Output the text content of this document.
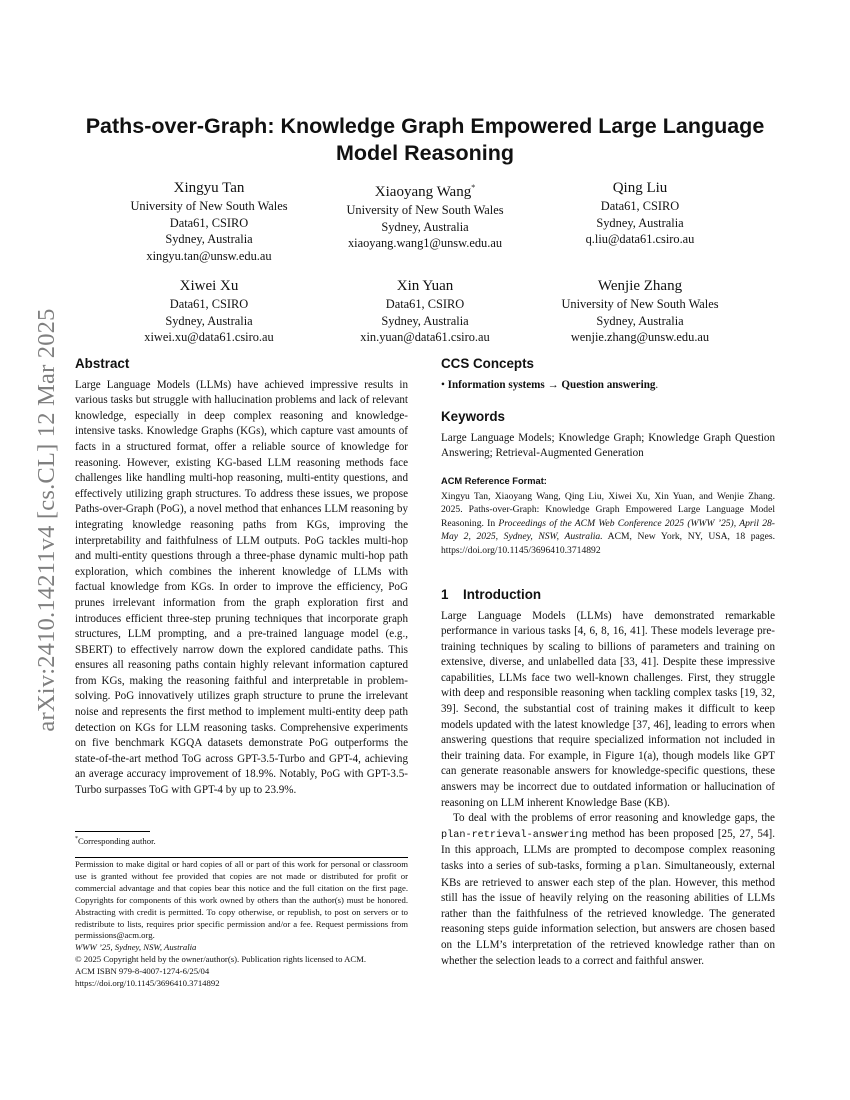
arXiv:2410.14211v4 [cs.CL] 12 Mar 2025
Paths-over-Graph: Knowledge Graph Empowered Large Language Model Reasoning
Xingyu Tan
University of New South Wales
Data61, CSIRO
Sydney, Australia
xingyu.tan@unsw.edu.au
Xiaoyang Wang*
University of New South Wales
Sydney, Australia
xiaoyang.wang1@unsw.edu.au
Qing Liu
Data61, CSIRO
Sydney, Australia
q.liu@data61.csiro.au
Xiwei Xu
Data61, CSIRO
Sydney, Australia
xiwei.xu@data61.csiro.au
Xin Yuan
Data61, CSIRO
Sydney, Australia
xin.yuan@data61.csiro.au
Wenjie Zhang
University of New South Wales
Sydney, Australia
wenjie.zhang@unsw.edu.au
Abstract

Large Language Models (LLMs) have achieved impressive results in various tasks but struggle with hallucination problems and lack of relevant knowledge, especially in deep complex reasoning and knowledge-intensive tasks. Knowledge Graphs (KGs), which capture vast amounts of facts in a structured format, offer a reliable source of knowledge for reasoning. However, existing KG-based LLM reasoning methods face challenges like handling multi-hop reasoning, multi-entity questions, and effectively utilizing graph structures. To address these issues, we propose Paths-over-Graph (PoG), a novel method that enhances LLM reasoning by integrating knowledge reasoning paths from KGs, improving the interpretability and faithfulness of LLM outputs. PoG tackles multi-hop and multi-entity questions through a three-phase dynamic multi-hop path exploration, which combines the inherent knowledge of LLMs with factual knowledge from KGs. In order to improve the efficiency, PoG prunes irrelevant information from the graph exploration first and introduces efficient three-step pruning techniques that incorporate graph structures, LLM prompting, and a pre-trained language model (e.g., SBERT) to effectively narrow down the explored candidate paths. This ensures all reasoning paths contain highly relevant information captured from KGs, making the reasoning faithful and interpretable in problem-solving. PoG innovatively utilizes graph structure to prune the irrelevant noise and represents the first method to implement multi-entity deep path detection on KGs for LLM reasoning tasks. Comprehensive experiments on five benchmark KGQA datasets demonstrate PoG outperforms the state-of-the-art method ToG across GPT-3.5-Turbo and GPT-4, achieving an average accuracy improvement of 18.9%. Notably, PoG with GPT-3.5-Turbo surpasses ToG with GPT-4 by up to 23.9%.

*Corresponding author.

Permission to make digital or hard copies of all or part of this work for personal or classroom use is granted without fee provided that copies are not made or distributed for profit or commercial advantage and that copies bear this notice and the full citation on the first page. Copyrights for components of this work owned by others than the author(s) must be honored. Abstracting with credit is permitted. To copy otherwise, or republish, to post on servers or to redistribute to lists, requires prior specific permission and/or a fee. Request permissions from permissions@acm.org.

WWW ’25, Sydney, NSW, Australia

© 2025 Copyright held by the owner/author(s). Publication rights licensed to ACM.

ACM ISBN 979-8-4007-1274-6/25/04

https://doi.org/10.1145/3696410.3714892

CCS Concepts

• Information systems → Question answering.

Keywords

Large Language Models; Knowledge Graph; Knowledge Graph Question Answering; Retrieval-Augmented Generation

ACM Reference Format:

Xingyu Tan, Xiaoyang Wang, Qing Liu, Xiwei Xu, Xin Yuan, and Wenjie Zhang. 2025. Paths-over-Graph: Knowledge Graph Empowered Large Language Model Reasoning. In Proceedings of the ACM Web Conference 2025 (WWW ’25), April 28-May 2, 2025, Sydney, NSW, Australia. ACM, New York, NY, USA, 18 pages. https://doi.org/10.1145/3696410.3714892

1 Introduction

Large Language Models (LLMs) have demonstrated remarkable performance in various tasks [4, 6, 8, 16, 41]. These models leverage pre-training techniques by scaling to billions of parameters and training on extensive, diverse, and unlabelled data [33, 41]. Despite these impressive capabilities, LLMs face two well-known challenges. First, they struggle with deep and responsible reasoning when tackling complex tasks [19, 32, 39]. Second, the substantial cost of training makes it difficult to keep models updated with the latest knowledge [37, 46], leading to errors when answering questions that require specialized information not included in their training data. For example, in Figure 1(a), though models like GPT can generate reasonable answers for knowledge-specific questions, these answers may be incorrect due to outdated information or hallucination of reasoning on LLM inherent Knowledge Base (KB).

To deal with the problems of error reasoning and knowledge gaps, the plan-retrieval-answering method has been proposed [25, 27, 54]. In this approach, LLMs are prompted to decompose complex reasoning tasks into a series of sub-tasks, forming a plan. Simultaneously, external KBs are retrieved to answer each step of the plan. However, this method still has the issue of heavily relying on the reasoning abilities of LLMs rather than the faithfulness of the retrieved knowledge. The generated reasoning steps guide information selection, but answers are chosen based on the LLM’s interpretation of the retrieved knowledge rather than on whether the selection leads to a correct and faithful answer.
